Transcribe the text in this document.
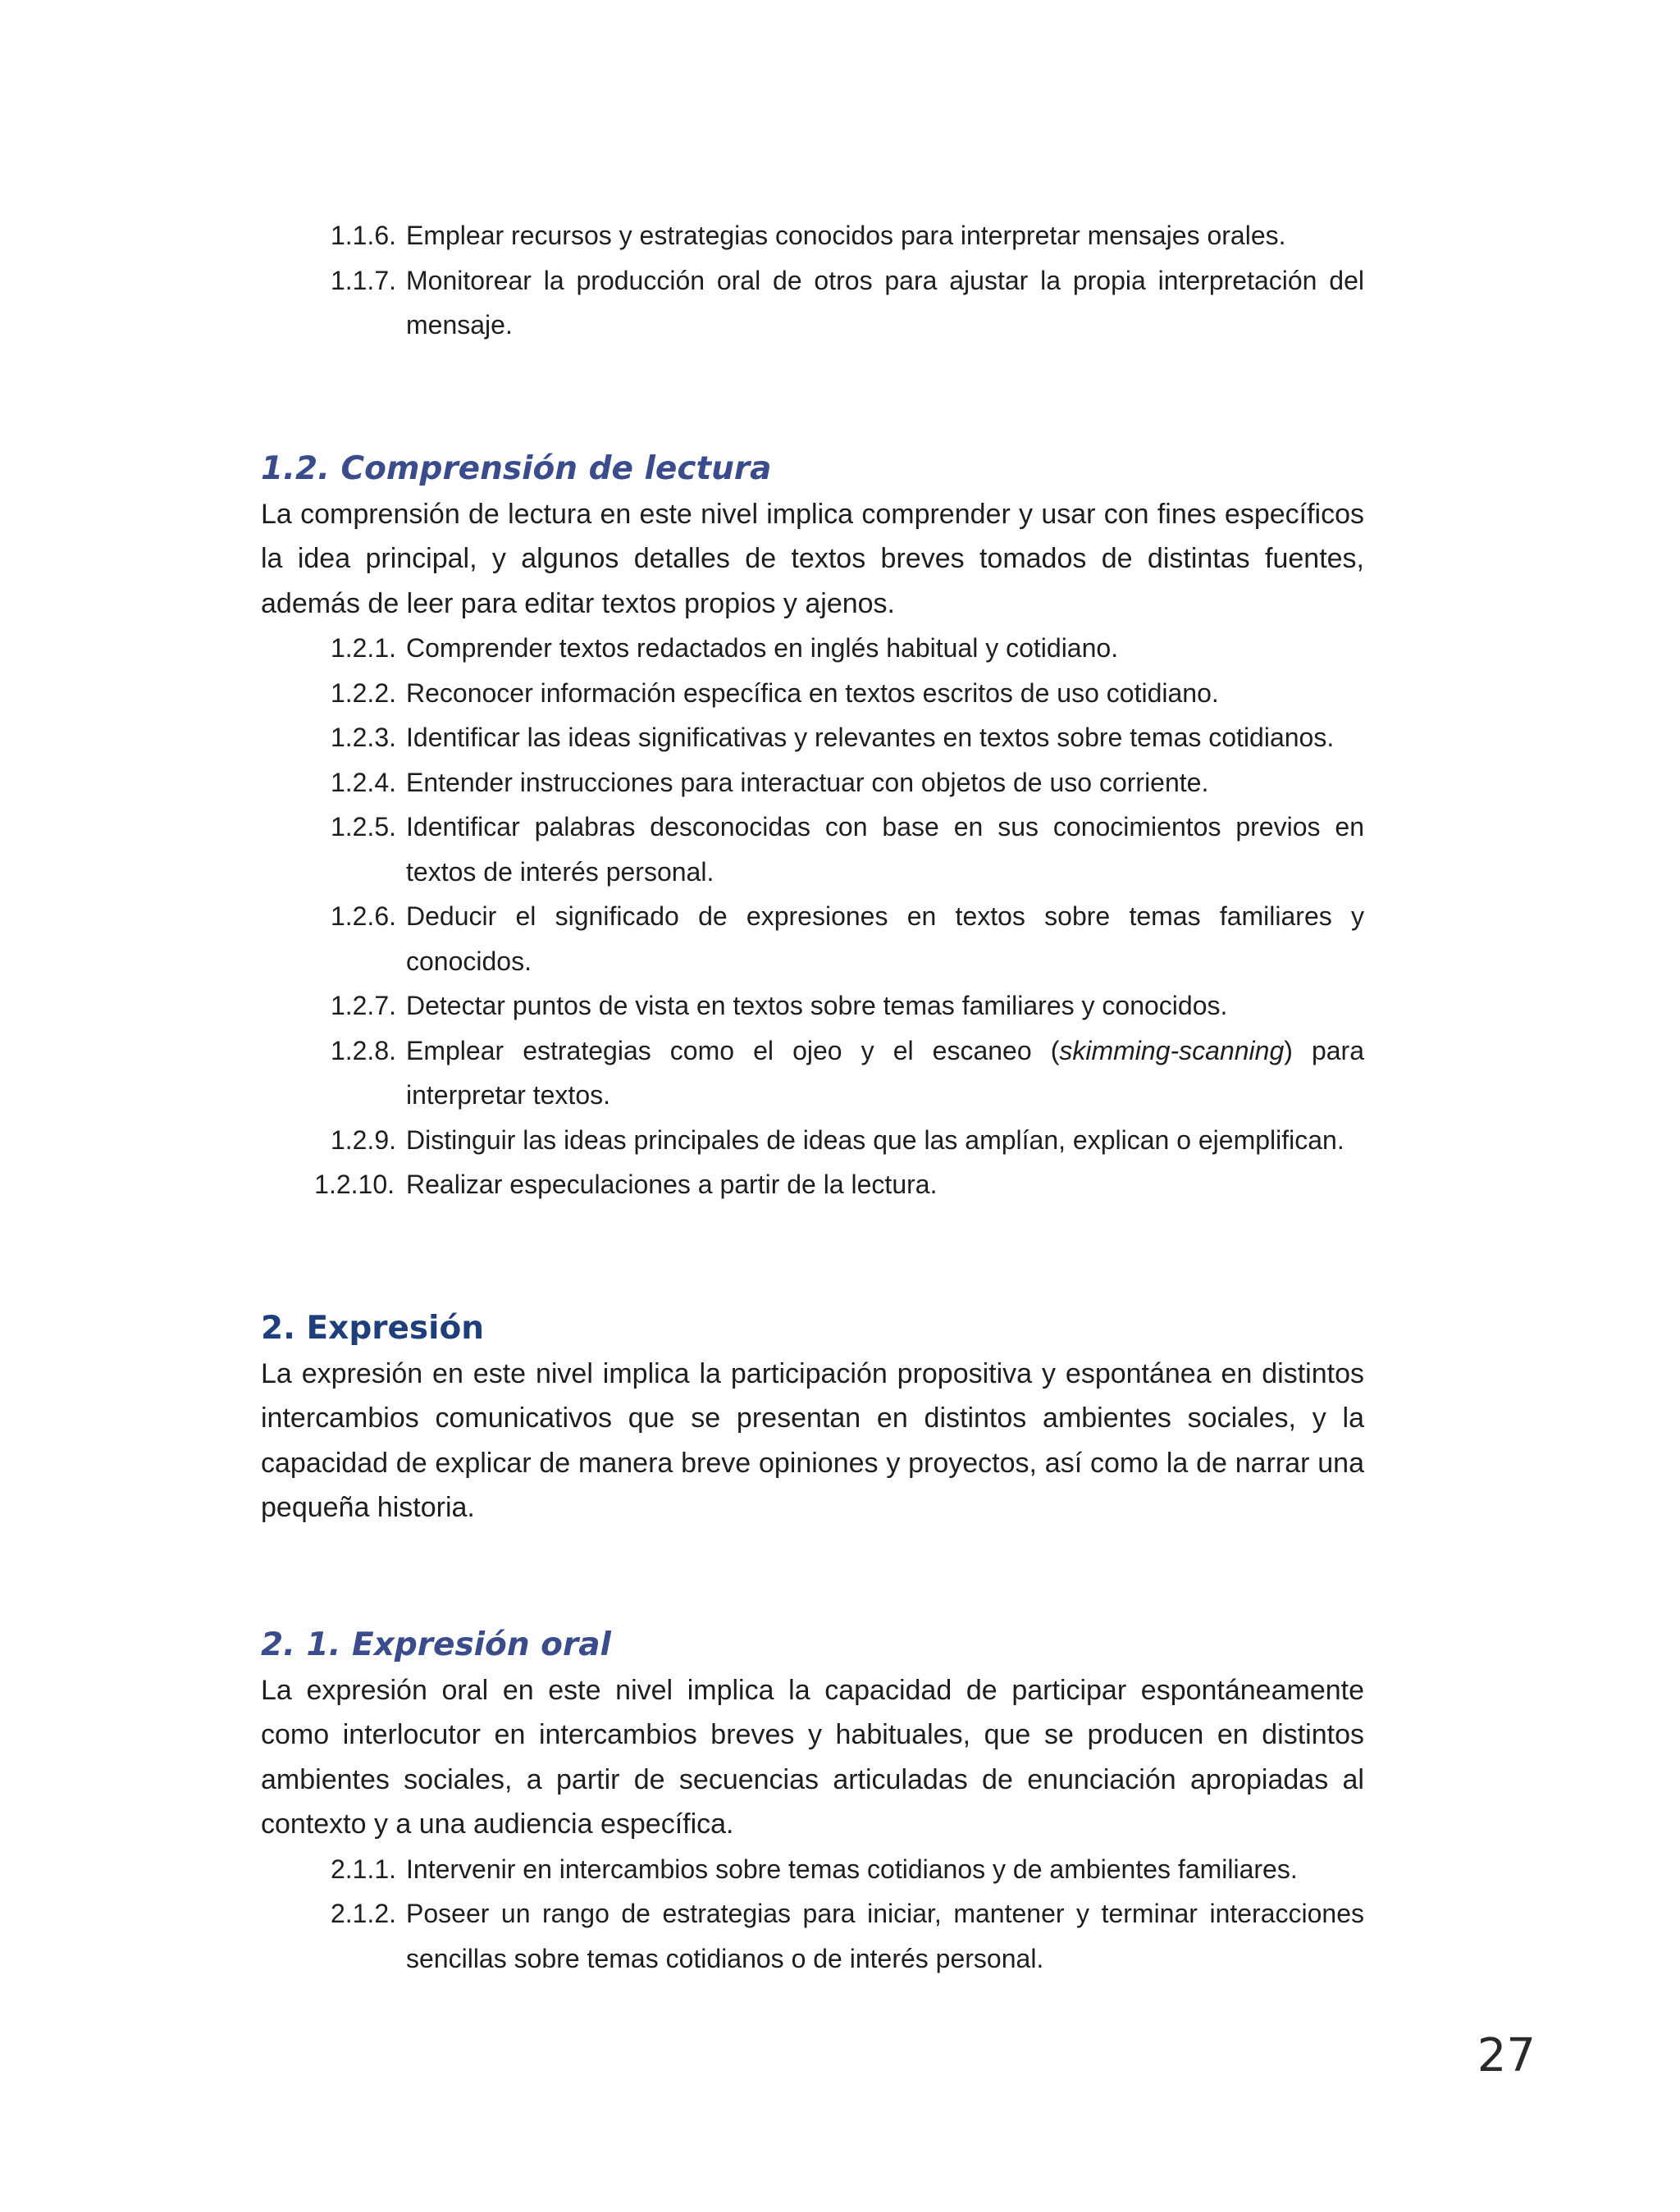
1.1.6. Emplear recursos y estrategias conocidos para interpretar mensajes orales.
1.1.7. Monitorear la producción oral de otros para ajustar la propia interpretación del mensaje.
1.2. Comprensión de lectura

La comprensión de lectura en este nivel implica comprender y usar con fines específicos la idea principal, y algunos detalles de textos breves tomados de distintas fuentes, además de leer para editar textos propios y ajenos.

1.2.1. Comprender textos redactados en inglés habitual y cotidiano.
1.2.2. Reconocer información específica en textos escritos de uso cotidiano.
1.2.3. Identificar las ideas significativas y relevantes en textos sobre temas cotidianos.
1.2.4. Entender instrucciones para interactuar con objetos de uso corriente.
1.2.5. Identificar palabras desconocidas con base en sus conocimientos previos en textos de interés personal.
1.2.6. Deducir el significado de expresiones en textos sobre temas familiares y conocidos.
1.2.7. Detectar puntos de vista en textos sobre temas familiares y conocidos.
1.2.8. Emplear estrategias como el ojeo y el escaneo (skimming-scanning) para interpretar textos.
1.2.9. Distinguir las ideas principales de ideas que las amplían, explican o ejemplifican.
1.2.10. Realizar especulaciones a partir de la lectura.
2. Expresión

La expresión en este nivel implica la participación propositiva y espontánea en distintos intercambios comunicativos que se presentan en distintos ambientes sociales, y la capacidad de explicar de manera breve opiniones y proyectos, así como la de narrar una pequeña historia.

2. 1. Expresión oral

La expresión oral en este nivel implica la capacidad de participar espontáneamente como interlocutor en intercambios breves y habituales, que se producen en distintos ambientes sociales, a partir de secuencias articuladas de enunciación apropiadas al contexto y a una audiencia específica.

2.1.1. Intervenir en intercambios sobre temas cotidianos y de ambientes familiares.
2.1.2. Poseer un rango de estrategias para iniciar, mantener y terminar interacciones sencillas sobre temas cotidianos o de interés personal.
27
